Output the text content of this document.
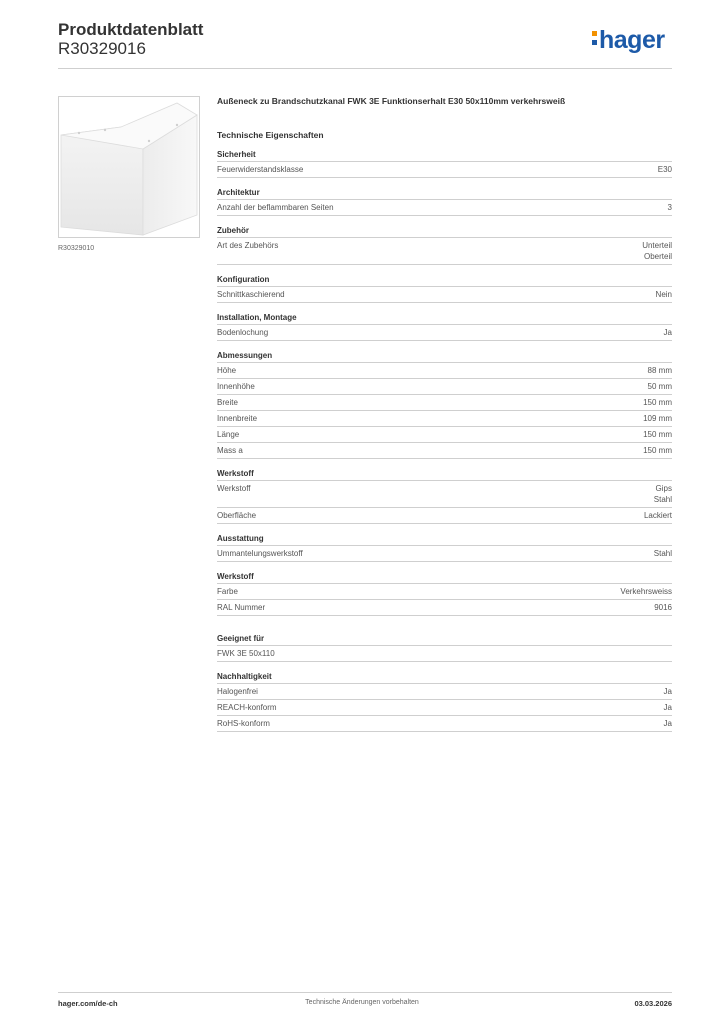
Produktdatenblatt
R30329016	hager
R30329010
Außeneck zu Brandschutzkanal FWK 3E Funktionserhalt E30 50x110mm verkehrsweiß
Technische Eigenschaften
Sicherheit
Feuerwiderstandsklasse	E30
Architektur
Anzahl der beflammbaren Seiten	3
Zubehör
Art des Zubehörs	Unterteil
Oberteil
Konfiguration
Schnittkaschierend	Nein
Installation, Montage
Bodenlochung	Ja
Abmessungen
Höhe	88 mm
Innenhöhe	50 mm
Breite	150 mm
Innenbreite	109 mm
Länge	150 mm
Mass a	150 mm
Werkstoff
Werkstoff	Gips
Stahl
Oberfläche	Lackiert
Ausstattung
Ummantelungswerkstoff	Stahl
Werkstoff
Farbe	Verkehrsweiss
RAL Nummer	9016
Geeignet für
FWK 3E 50x110
Nachhaltigkeit
Halogenfrei	Ja
REACH-konform	Ja
RoHS-konform	Ja
hager.com/de-ch	Technische Änderungen vorbehalten	03.03.2026
